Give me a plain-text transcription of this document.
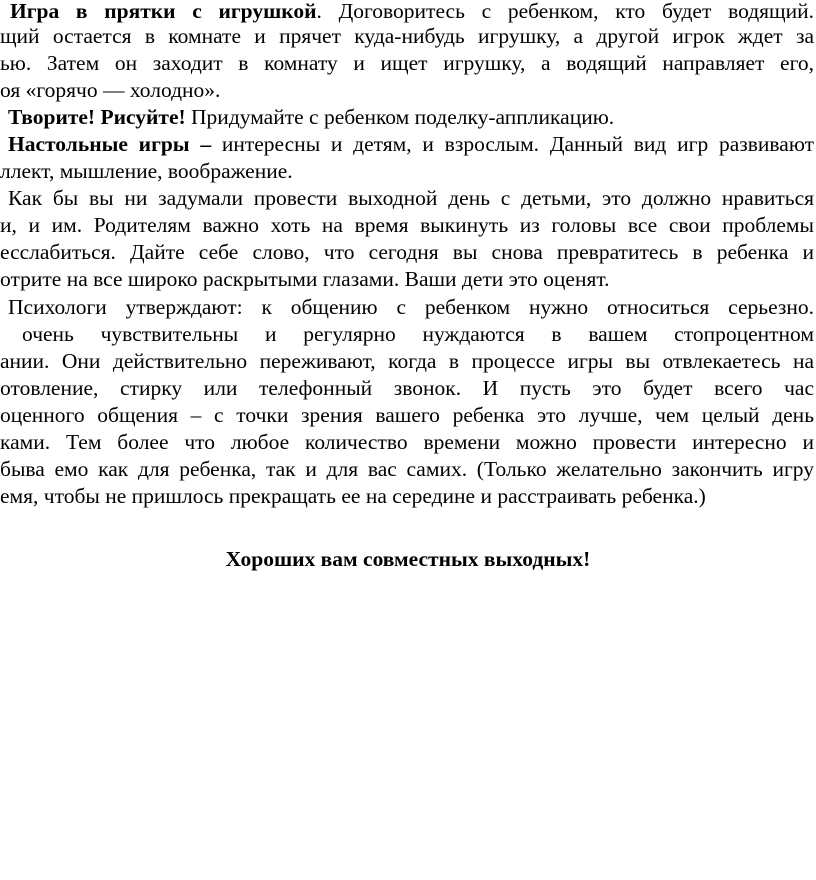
Игра в прятки с игрушкой. Договоритесь с ребенком, кто будет водящий.
щий остается в комнате и прячет куда-нибудь игрушку, а другой игрок ждет за
ью. Затем он заходит в комнату и ищет игрушку, а водящий направляет его,
оя «горячо — холодно».
Творите! Рисуйте! Придумайте с ребенком поделку-аппликацию.
Настольные игры – интересны и детям, и взрослым. Данный вид игр развивают
ллект, мышление, воображение.
Как бы вы ни задумали провести выходной день с детьми, это должно нравиться
и, и им. Родителям важно хоть на время выкинуть из головы все свои проблемы
есслабиться. Дайте себе слово, что сегодня вы снова превратитесь в ребенка и
отрите на все широко раскрытыми глазами. Ваши дети это оценят.
Психологи утверждают: к общению с ребенком нужно относиться серьезно.
очень чувствительны и регулярно нуждаются в вашем стопроцентном
ании. Они действительно переживают, когда в процессе игры вы отвлекаетесь на
отовление, стирку или телефонный звонок. И пусть это будет всего час
оценного общения – с точки зрения вашего ребенка это лучше, чем целый день
ками. Тем более что любое количество времени можно провести интересно и
быва емо как для ребенка, так и для вас самих. (Только желательно закончить игру
емя, чтобы не пришлось прекращать ее на середине и расстраивать ребенка.)
Хороших вам совместных выходных!
